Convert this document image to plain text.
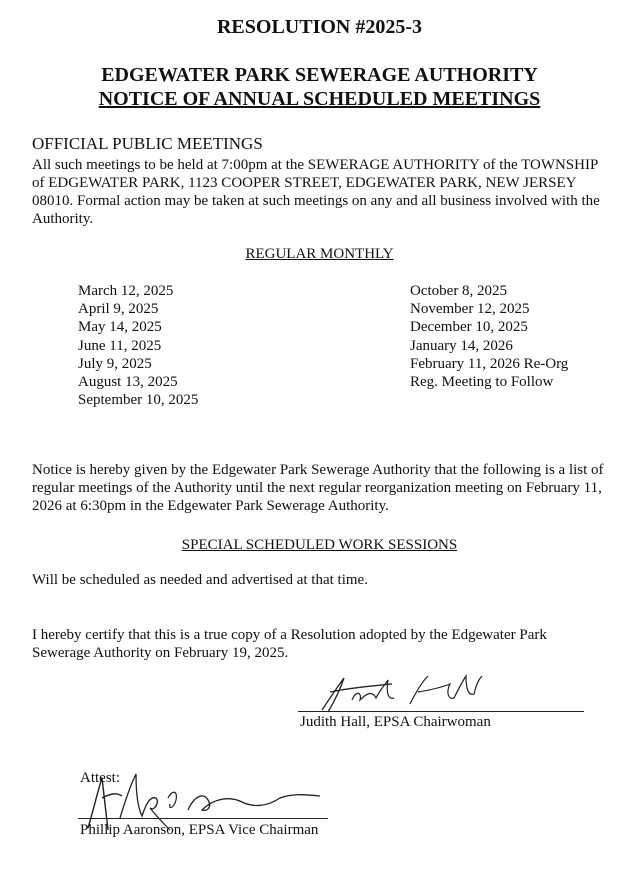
RESOLUTION #2025-3
EDGEWATER PARK SEWERAGE AUTHORITY
NOTICE OF ANNUAL SCHEDULED MEETINGS
OFFICIAL PUBLIC MEETINGS
All such meetings to be held at 7:00pm at the SEWERAGE AUTHORITY of the TOWNSHIP of EDGEWATER PARK, 1123 COOPER STREET, EDGEWATER PARK, NEW JERSEY 08010. Formal action may be taken at such meetings on any and all business involved with the Authority.
REGULAR MONTHLY
March 12, 2025
April 9, 2025
May 14, 2025
June 11, 2025
July 9, 2025
August 13, 2025
September 10, 2025
October 8, 2025
November 12, 2025
December 10, 2025
January 14, 2026
February 11, 2026 Re-Org
Reg. Meeting to Follow
Notice is hereby given by the Edgewater Park Sewerage Authority that the following is a list of regular meetings of the Authority until the next regular reorganization meeting on February 11, 2026 at 6:30pm in the Edgewater Park Sewerage Authority.
SPECIAL SCHEDULED WORK SESSIONS
Will be scheduled as needed and advertised at that time.
I hereby certify that this is a true copy of a Resolution adopted by the Edgewater Park Sewerage Authority on February 19, 2025.
Judith Hall, EPSA Chairwoman
Attest:
Phillip Aaronson, EPSA Vice Chairman
